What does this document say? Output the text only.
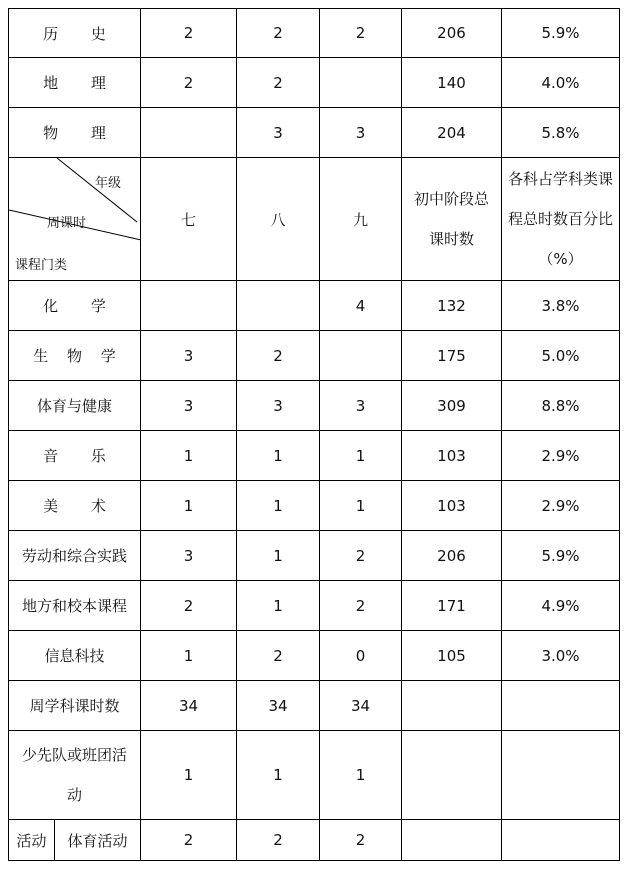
历 史		2	2	2	206	5.9%
地 理		2	2		140	4.0%
物 理			3	3	204	5.8%

年级
周课时
课程门类		七	八	九	初中阶段总课时数	各科占学科类课程总时数百分比（%）
化 学				4	132	3.8%
生 物 学		3	2		175	5.0%
体育与健康		3	3	3	309	8.8%
音 乐		1	1	1	103	2.9%
美 术		1	1	1	103	2.9%
劳动和综合实践		3	1	2	206	5.9%
地方和校本课程		2	1	2	171	4.9%
信息科技		1	2	0	105	3.0%
周学科课时数		34	34	34		
少先队或班团活动		1	1	1		
活动	体育活动	2	2	2		
